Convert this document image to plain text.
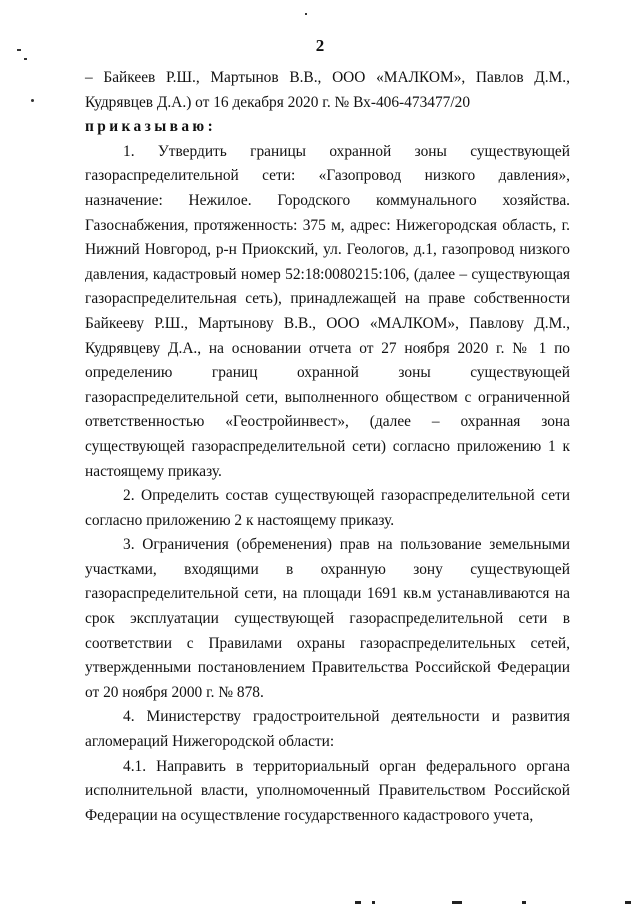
2

– Байкеев Р.Ш., Мартынов В.В., ООО «МАЛКОМ», Павлов Д.М., Кудрявцев Д.А.) от 16 декабря 2020 г. № Вх-406-473477/20

приказываю:

1. Утвердить границы охранной зоны существующей газораспределительной сети: «Газопровод низкого давления», назначение: Нежилое. Городского коммунального хозяйства. Газоснабжения, протяженность: 375 м, адрес: Нижегородская область, г. Нижний Новгород, р-н Приокский, ул. Геологов, д.1, газопровод низкого давления, кадастровый номер 52:18:0080215:106, (далее – существующая газораспределительная сеть), принадлежащей на праве собственности Байкееву Р.Ш., Мартынову В.В., ООО «МАЛКОМ», Павлову Д.М., Кудрявцеву Д.А., на основании отчета от 27 ноября 2020 г. № 1 по определению границ охранной зоны существующей газораспределительной сети, выполненного обществом с ограниченной ответственностью «Геостройинвест», (далее – охранная зона существующей газораспределительной сети) согласно приложению 1 к настоящему приказу.

2. Определить состав существующей газораспределительной сети согласно приложению 2 к настоящему приказу.

3. Ограничения (обременения) прав на пользование земельными участками, входящими в охранную зону существующей газораспределительной сети, на площади 1691 кв.м устанавливаются на срок эксплуатации существующей газораспределительной сети в соответствии с Правилами охраны газораспределительных сетей, утвержденными постановлением Правительства Российской Федерации от 20 ноября 2000 г. № 878.

4. Министерству градостроительной деятельности и развития агломераций Нижегородской области:

4.1. Направить в территориальный орган федерального органа исполнительной власти, уполномоченный Правительством Российской Федерации на осуществление государственного кадастрового учета,
